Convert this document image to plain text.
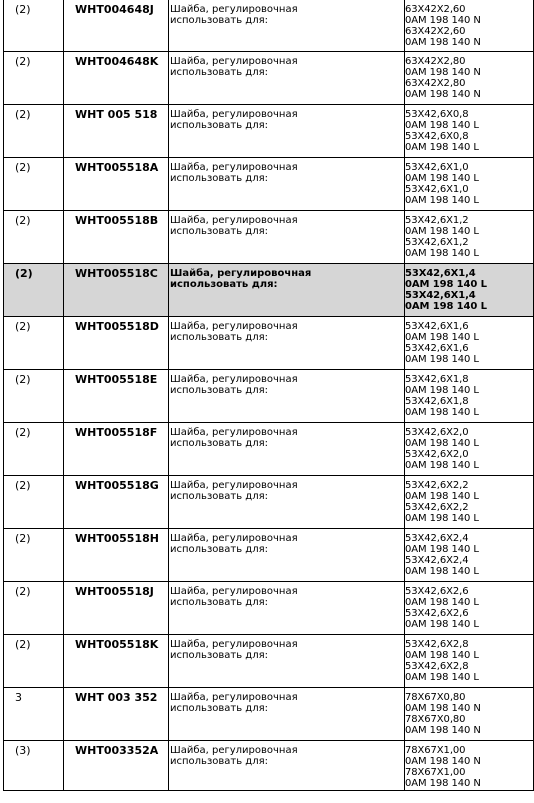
(2)	WHT004648J	Шайба, регулировочная
использовать для:	63X42X2,60
0AM 198 140 N
63X42X2,60
0AM 198 140 N

(2)	WHT004648K	Шайба, регулировочная
использовать для:	63X42X2,80
0AM 198 140 N
63X42X2,80
0AM 198 140 N

(2)	WHT 005 518	Шайба, регулировочная
использовать для:	53X42,6X0,8
0AM 198 140 L
53X42,6X0,8
0AM 198 140 L

(2)	WHT005518A	Шайба, регулировочная
использовать для:	53X42,6X1,0
0AM 198 140 L
53X42,6X1,0
0AM 198 140 L

(2)	WHT005518B	Шайба, регулировочная
использовать для:	53X42,6X1,2
0AM 198 140 L
53X42,6X1,2
0AM 198 140 L

(2)	WHT005518C	Шайба, регулировочная
использовать для:	53X42,6X1,4
0AM 198 140 L
53X42,6X1,4
0AM 198 140 L

(2)	WHT005518D	Шайба, регулировочная
использовать для:	53X42,6X1,6
0AM 198 140 L
53X42,6X1,6
0AM 198 140 L

(2)	WHT005518E	Шайба, регулировочная
использовать для:	53X42,6X1,8
0AM 198 140 L
53X42,6X1,8
0AM 198 140 L

(2)	WHT005518F	Шайба, регулировочная
использовать для:	53X42,6X2,0
0AM 198 140 L
53X42,6X2,0
0AM 198 140 L

(2)	WHT005518G	Шайба, регулировочная
использовать для:	53X42,6X2,2
0AM 198 140 L
53X42,6X2,2
0AM 198 140 L

(2)	WHT005518H	Шайба, регулировочная
использовать для:	53X42,6X2,4
0AM 198 140 L
53X42,6X2,4
0AM 198 140 L

(2)	WHT005518J	Шайба, регулировочная
использовать для:	53X42,6X2,6
0AM 198 140 L
53X42,6X2,6
0AM 198 140 L

(2)	WHT005518K	Шайба, регулировочная
использовать для:	53X42,6X2,8
0AM 198 140 L
53X42,6X2,8
0AM 198 140 L

3	WHT 003 352	Шайба, регулировочная
использовать для:	78X67X0,80
0AM 198 140 N
78X67X0,80
0AM 198 140 N

(3)	WHT003352A	Шайба, регулировочная
использовать для:	78X67X1,00
0AM 198 140 N
78X67X1,00
0AM 198 140 N
